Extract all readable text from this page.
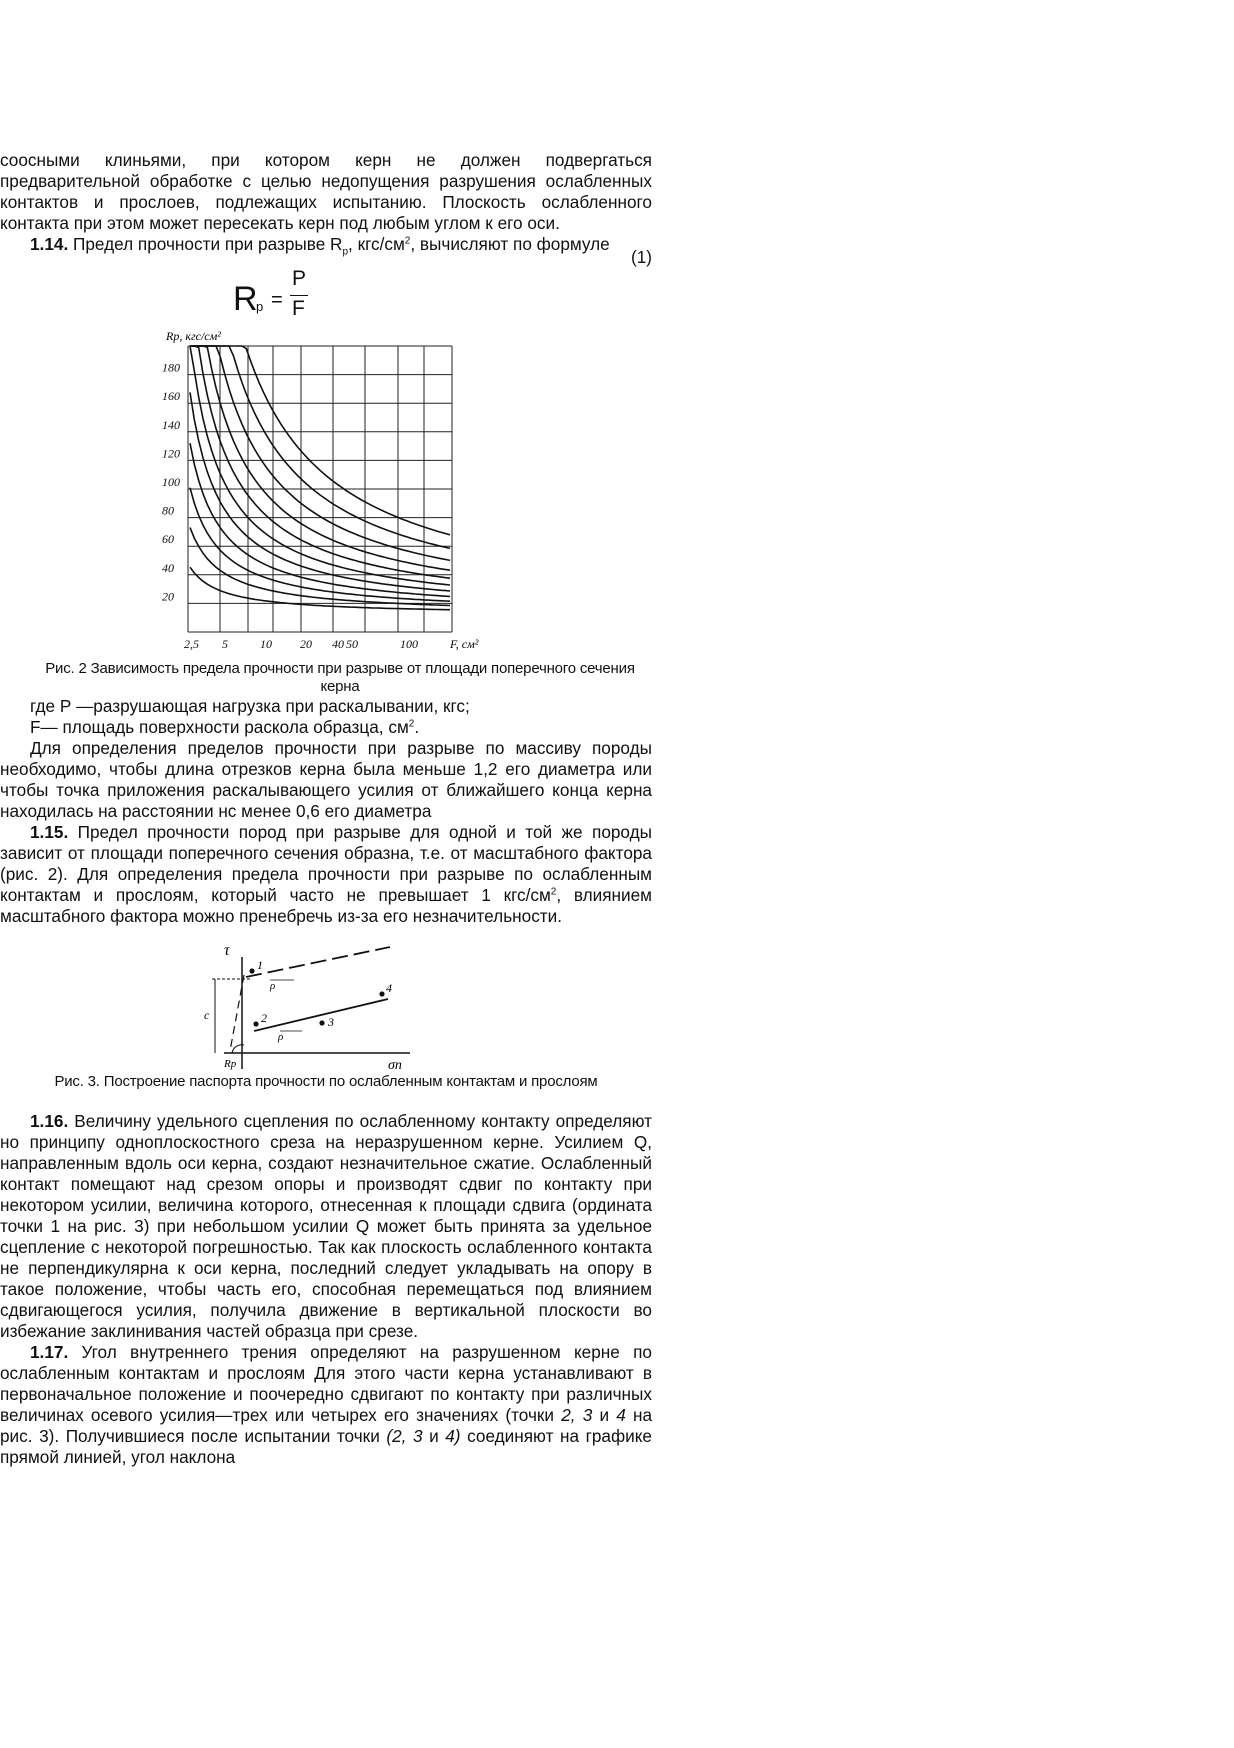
соосными клиньями, при котором керн не должен подвергаться предварительной обработке с целью недопущения разрушения ослабленных контактов и прослоев, подлежащих испытанию. Плоскость ослабленного контакта при этом может пересекать керн под любым углом к его оси.

1.14. Предел прочности при разрыве $R_р$, кгс/$см^2$, вычисляют по формуле

(1)
R
р =
P
F
Rр, кгс/см²
20
40
60
80
100
120
140
160
180
2,5 5	10 20 40 50	100	F, см²
Рис. 2 Зависимость предела прочности при разрыве от площади поперечного сечения керна

где Р —разрушающая нагрузка при раскалывании, кгс;

F— площадь поверхности раскола образца, $см^2$.

Для определения пределов прочности при разрыве по массиву породы необходимо, чтобы длина отрезков керна была меньше 1,2 его диаметра или чтобы точка приложения раскалывающего усилия от ближайшего конца керна находилась на расстоянии нс менее 0,6 его диаметра

1.15. Предел прочности пород при разрыве для одной и той же породы зависит от площади поперечного сечения образна, т.е. от масштабного фактора (рис. 2). Для определения предела прочности при разрыве по ослабленным контактам и прослоям, который часто не превышает 1 кгс/$см^2$, влиянием масштабного фактора можно пренебречь из-за его незначительности.

τ
σп
c
Rр
1
2	3
4
ρ
ρ
Рис. 3. Построение паспорта прочности по ослабленным контактам и прослоям

1.16. Величину удельного сцепления по ослабленному контакту определяют но принципу одноплоскостного среза на неразрушенном керне. Усилием Q, направленным вдоль оси керна, создают незначительное сжатие. Ослабленный контакт помещают над срезом опоры и производят сдвиг по контакту при некотором усилии, величина которого, отнесенная к площади сдвига (ордината точки 1 на рис. 3) при небольшом усилии Q может быть принята за удельное сцепление с некоторой погрешностью. Так как плоскость ослабленного контакта не перпендикулярна к оси керна, последний следует укладывать на опору в такое положение, чтобы часть его, способная перемещаться под влиянием сдвигающегося усилия, получила движение в вертикальной плоскости во избежание заклинивания частей образца при срезе.

1.17. Угол внутреннего трения определяют на разрушенном керне по ослабленным контактам и прослоям Для этого части керна устанавливают в первоначальное положение и поочередно сдвигают по контакту при различных величинах осевого усилия—трех или четырех его значениях (точки 2, 3 и 4 на рис. 3). Получившиеся после испытании точки (2, 3 и 4) соединяют на графике прямой линией, угол наклона
